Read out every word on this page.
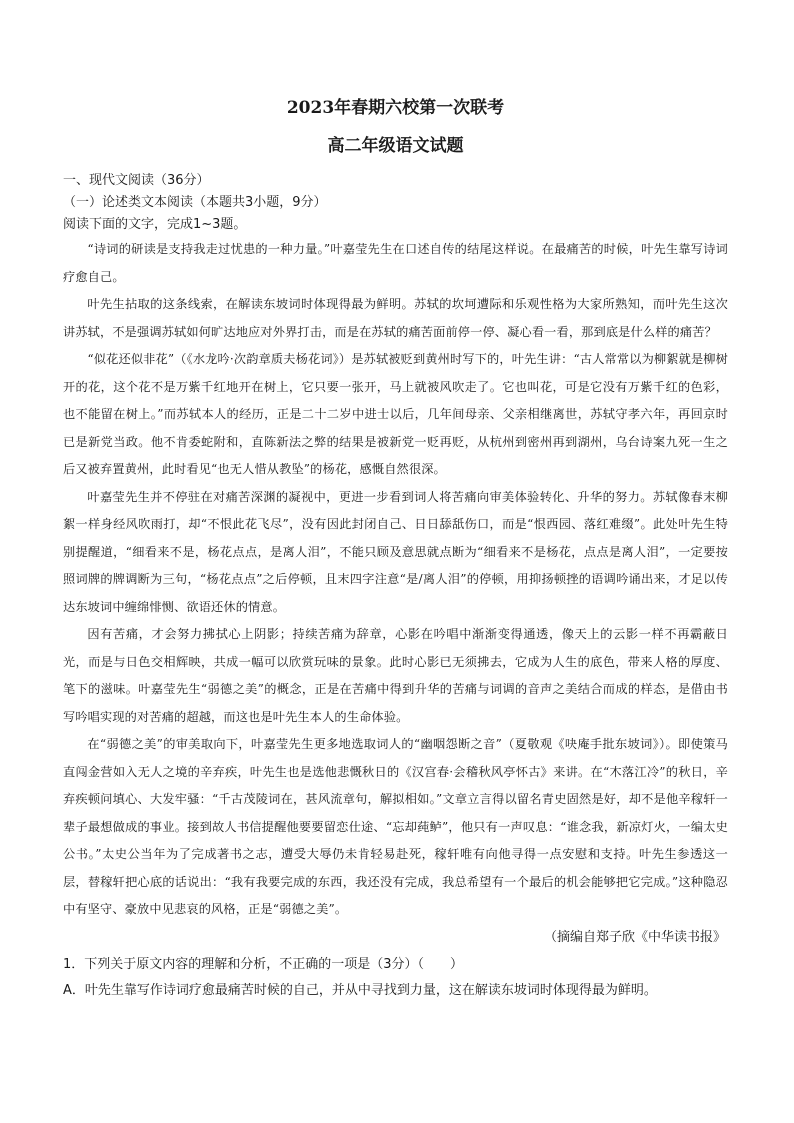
2023年春期六校第一次联考
高二年级语文试题

一、现代文阅读（36分）

（一）论述类文本阅读（本题共3小题，9分）

阅读下面的文字，完成1~3题。

“诗词的研读是支持我走过忧患的一种力量。”叶嘉莹先生在口述自传的结尾这样说。在最痛苦的时候，叶先生靠写诗词疗愈自己。

叶先生拈取的这条线索，在解读东坡词时体现得最为鲜明。苏轼的坎坷遭际和乐观性格为大家所熟知，而叶先生这次讲苏轼，不是强调苏轼如何旷达地应对外界打击，而是在苏轼的痛苦面前停一停、凝心看一看，那到底是什么样的痛苦？

“似花还似非花”（《水龙吟·次韵章质夫杨花词》）是苏轼被贬到黄州时写下的，叶先生讲：“古人常常以为柳絮就是柳树开的花，这个花不是万紫千红地开在树上，它只要一张开，马上就被风吹走了。它也叫花，可是它没有万紫千红的色彩，也不能留在树上。”而苏轼本人的经历，正是二十二岁中进士以后，几年间母亲、父亲相继离世，苏轼守孝六年，再回京时已是新党当政。他不肯委蛇附和，直陈新法之弊的结果是被新党一贬再贬，从杭州到密州再到湖州，乌台诗案九死一生之后又被弃置黄州，此时看见“也无人惜从教坠”的杨花，感慨自然很深。

叶嘉莹先生并不停驻在对痛苦深渊的凝视中，更进一步看到词人将苦痛向审美体验转化、升华的努力。苏轼像春末柳絮一样身经风吹雨打，却“不恨此花飞尽”，没有因此封闭自己、日日舔舐伤口，而是“恨西园、落红难缀”。此处叶先生特别提醒道，“细看来不是，杨花点点，是离人泪”，不能只顾及意思就点断为“细看来不是杨花，点点是离人泪”，一定要按照词牌的牌调断为三句，“杨花点点”之后停顿，且末四字注意“是/离人泪”的停顿，用抑扬顿挫的语调吟诵出来，才足以传达东坡词中缠绵悱恻、欲语还休的情意。

因有苦痛，才会努力拂拭心上阴影；持续苦痛为辞章，心影在吟唱中渐渐变得通透，像天上的云影一样不再霸蔽日光，而是与日色交相辉映，共成一幅可以欣赏玩味的景象。此时心影已无须拂去，它成为人生的底色，带来人格的厚度、笔下的滋味。叶嘉莹先生“弱德之美”的概念，正是在苦痛中得到升华的苦痛与词调的音声之美结合而成的样态，是借由书写吟唱实现的对苦痛的超越，而这也是叶先生本人的生命体验。

在“弱德之美”的审美取向下，叶嘉莹先生更多地选取词人的“幽咽怨断之音”（夏敬观《吷庵手批东坡词》）。即使策马直闯金营如入无人之境的辛弃疾，叶先生也是选他悲慨秋日的《汉宫春·会稽秋风亭怀古》来讲。在“木落江冷”的秋日，辛弃疾顿问填心、大发牢骚：“千古茂陵词在，甚风流章句，解拟相如。”文章立言得以留名青史固然是好，却不是他辛稼轩一辈子最想做成的事业。接到故人书信提醒他要要留恋仕途、“忘却莼鲈”，他只有一声叹息：“谁念我，新凉灯火，一编太史公书。”太史公当年为了完成著书之志，遭受大辱仍未肯轻易赴死，稼轩唯有向他寻得一点安慰和支持。叶先生参透这一层，替稼轩把心底的话说出：“我有我要完成的东西，我还没有完成，我总希望有一个最后的机会能够把它完成。”这种隐忍中有坚守、豪放中见悲哀的风格，正是“弱德之美”。

（摘编自郑子欣《中华读书报》

1．下列关于原文内容的理解和分析，不正确的一项是（3分）（　　）

A．叶先生靠写作诗词疗愈最痛苦时候的自己，并从中寻找到力量，这在解读东坡词时体现得最为鲜明。
